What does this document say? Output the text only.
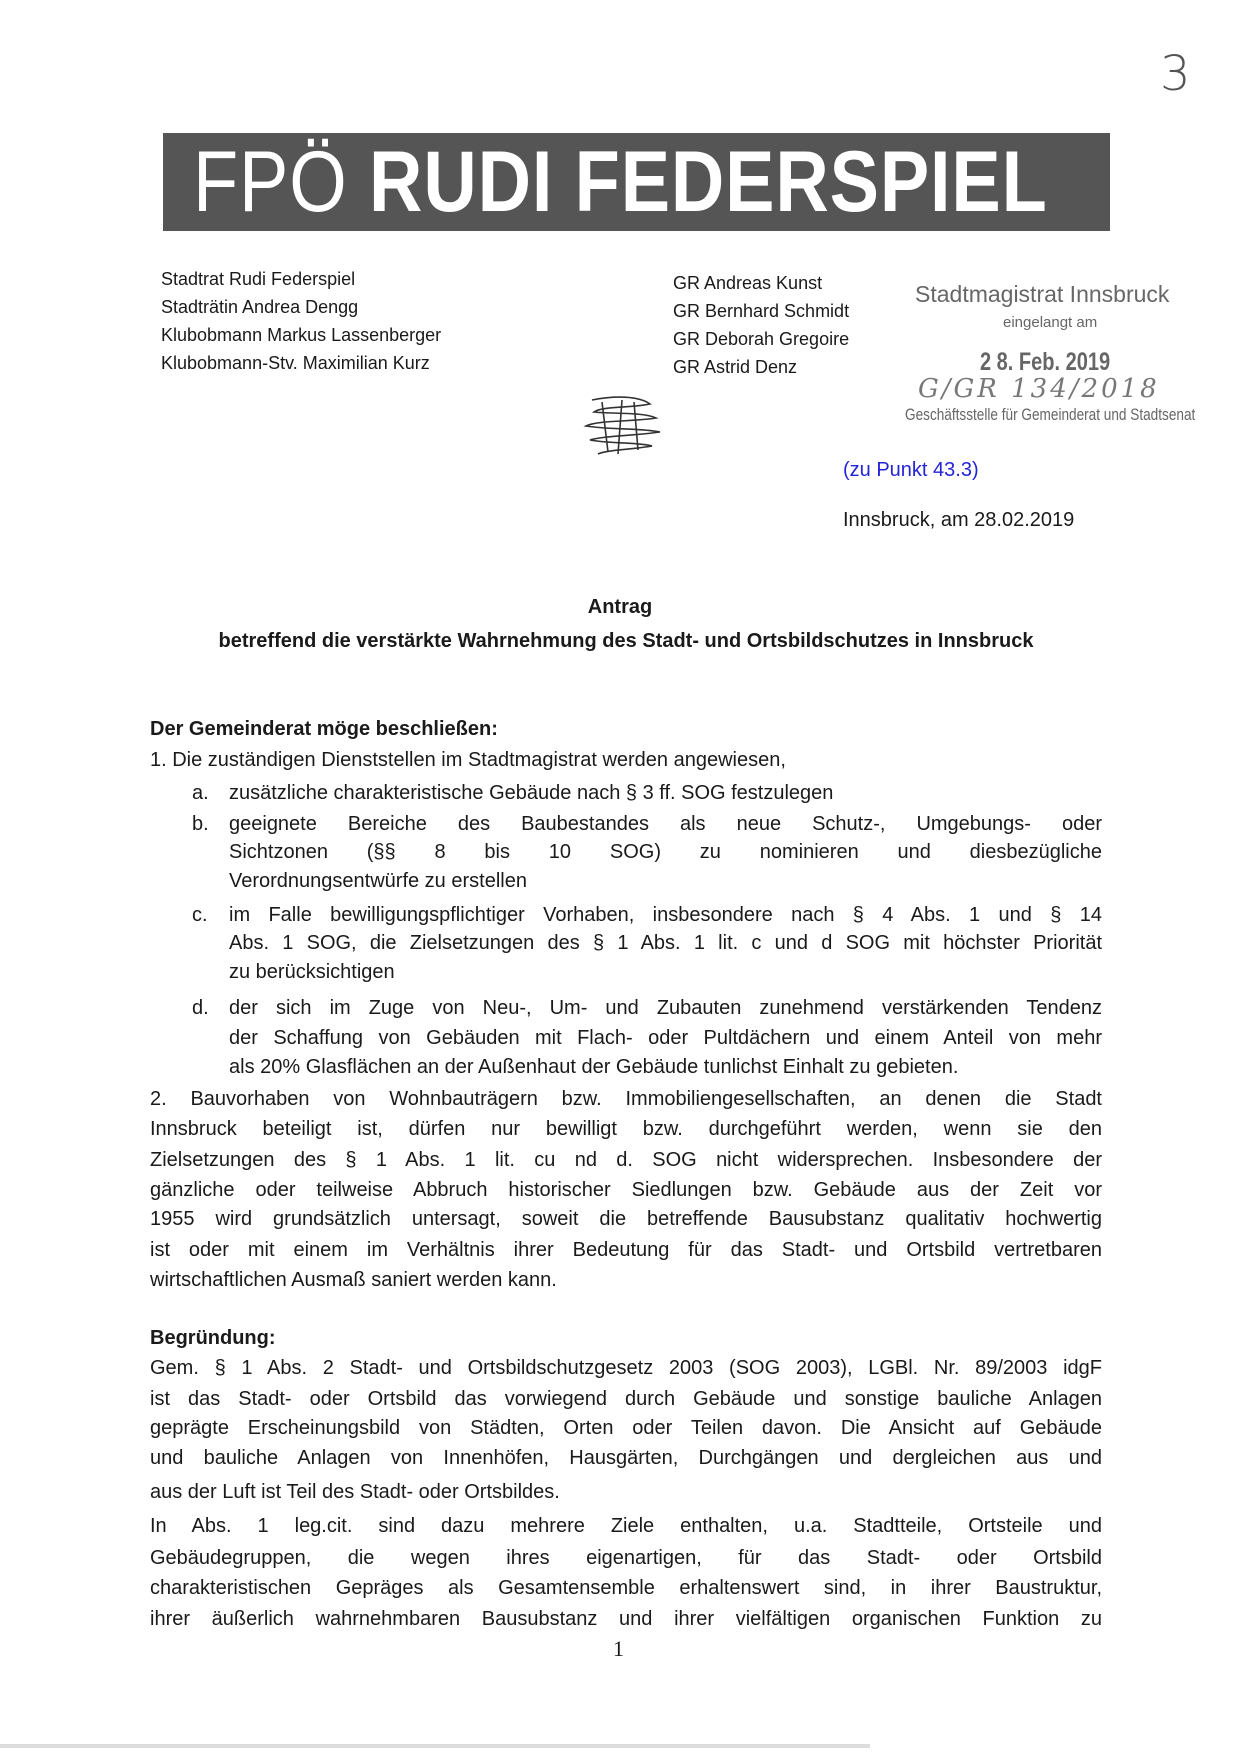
3
FPÖ RUDI FEDERSPIEL
Stadtrat Rudi Federspiel
Stadträtin Andrea Dengg
Klubobmann Markus Lassenberger
Klubobmann-Stv. Maximilian Kurz
GR Andreas Kunst
GR Bernhard Schmidt
GR Deborah Gregoire
GR Astrid Denz
Stadtmagistrat Innsbruck
eingelangt am
2 8. Feb. 2019
G/GR 134/2018
Geschäftsstelle für Gemeinderat und Stadtsenat
(zu Punkt 43.3)
Innsbruck, am 28.02.2019
Antrag
betreffend die verstärkte Wahrnehmung des Stadt- und Ortsbildschutzes in Innsbruck
Der Gemeinderat möge beschließen:
1. Die zuständigen Dienststellen im Stadtmagistrat werden angewiesen,
a. zusätzliche charakteristische Gebäude nach § 3 ff. SOG festzulegen
b. geeignete Bereiche des Baubestandes als neue Schutz-, Umgebungs- oder
Sichtzonen (§§ 8 bis 10 SOG) zu nominieren und diesbezügliche
Verordnungsentwürfe zu erstellen
c. im Falle bewilligungspflichtiger Vorhaben, insbesondere nach § 4 Abs. 1 und § 14
Abs. 1 SOG, die Zielsetzungen des § 1 Abs. 1 lit. c und d SOG mit höchster Priorität
zu berücksichtigen
d. der sich im Zuge von Neu-, Um- und Zubauten zunehmend verstärkenden Tendenz
der Schaffung von Gebäuden mit Flach- oder Pultdächern und einem Anteil von mehr
als 20% Glasflächen an der Außenhaut der Gebäude tunlichst Einhalt zu gebieten.
2. Bauvorhaben von Wohnbauträgern bzw. Immobiliengesellschaften, an denen die Stadt
Innsbruck beteiligt ist, dürfen nur bewilligt bzw. durchgeführt werden, wenn sie den
Zielsetzungen des § 1 Abs. 1 lit. cu nd d. SOG nicht widersprechen. Insbesondere der
gänzliche oder teilweise Abbruch historischer Siedlungen bzw. Gebäude aus der Zeit vor
1955 wird grundsätzlich untersagt, soweit die betreffende Bausubstanz qualitativ hochwertig
ist oder mit einem im Verhältnis ihrer Bedeutung für das Stadt- und Ortsbild vertretbaren
wirtschaftlichen Ausmaß saniert werden kann.
Begründung:
Gem. § 1 Abs. 2 Stadt- und Ortsbildschutzgesetz 2003 (SOG 2003), LGBl. Nr. 89/2003 idgF
ist das Stadt- oder Ortsbild das vorwiegend durch Gebäude und sonstige bauliche Anlagen
geprägte Erscheinungsbild von Städten, Orten oder Teilen davon. Die Ansicht auf Gebäude
und bauliche Anlagen von Innenhöfen, Hausgärten, Durchgängen und dergleichen aus und
aus der Luft ist Teil des Stadt- oder Ortsbildes.
In Abs. 1 leg.cit. sind dazu mehrere Ziele enthalten, u.a. Stadtteile, Ortsteile und
Gebäudegruppen, die wegen ihres eigenartigen, für das Stadt- oder Ortsbild
charakteristischen Gepräges als Gesamtensemble erhaltenswert sind, in ihrer Baustruktur,
ihrer äußerlich wahrnehmbaren Bausubstanz und ihrer vielfältigen organischen Funktion zu
1
